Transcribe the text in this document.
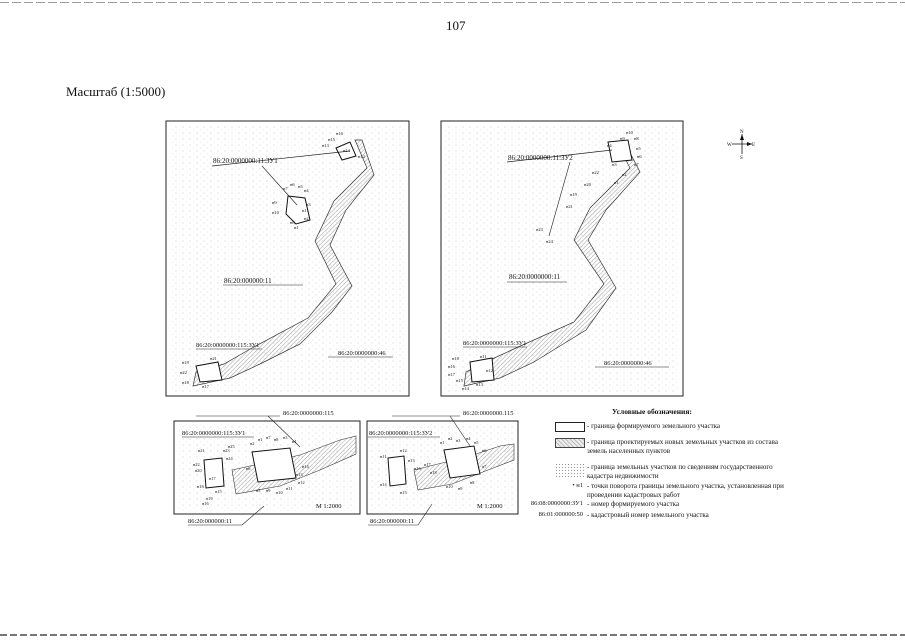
107
Масштаб (1:5000)
86:20:0000000:11:ЗУ1
86:20:000000:11
86:20:0000000:115:ЗУ1
86:20:0000000:46
н16
н15
н13
н12
н14
н7
н6 н5
н4
н9
н10	н11
н3
н2
н8
н1
н21
н19
н22
н18
н17
86:20:0000000:11:ЗУ2
86:20:0000000:11
86:20:0000000:115:ЗУ1
86:20:0000000:46
н10
н9 н8
н4
н5
н6
н7
н3
н2
н1
н22
н20
н19
н21
н23
н24
н18
н16
н17
н15
н11
н12
н13
н14
86:20:0000000:115
86:20:0000000:115:ЗУ1
86:20:000000:11
М 1:2000
н21
н22
н20
н23
н24
н25
н17
н18
н19
н16
н15
н2
н1 н7 н8 н3
н4
н6
н5 н9 н10
н11
н12
н13
н14
86:20:0000000.115
86:20:0000000:115:ЗУ2
86:20:000000:11
М 1:2000
н11
н12
н13
н14
н15
н16
н17
н18
н1
н2 н3 н4
н5
н6
н7
н8
н9
н10
N
S
E
W
Условные обозначения:
- граница формируемого земельного участка
- граница проектируемых новых земельных участков из состава земель населенных пунктов
- граница земельных участков по сведениям государственного кадастра недвижимости
• н1 - точки поворота границы земельного участка, установленная при проведении кадастровых работ
86:08:0000000:ЗУ1 - номер формируемого участка
86:01:000000:50 - кадастровый номер земельного участка
